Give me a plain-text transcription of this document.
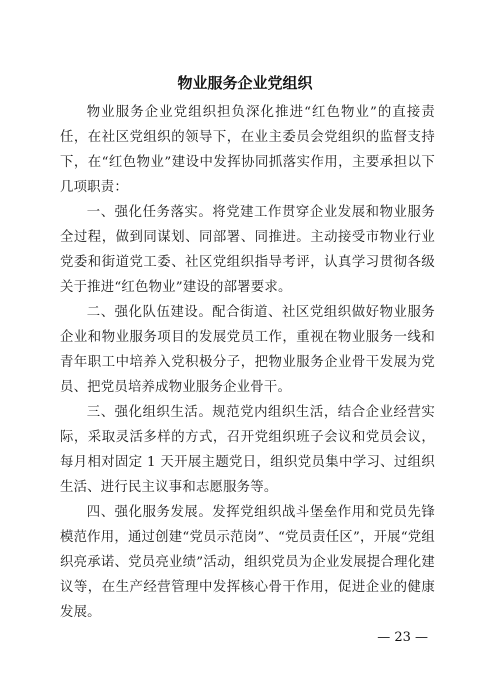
物业服务企业党组织

物业服务企业党组织担负深化推进“红色物业”的直接责任，在社区党组织的领导下，在业主委员会党组织的监督支持下，在“红色物业”建设中发挥协同抓落实作用，主要承担以下几项职责：

一、强化任务落实。将党建工作贯穿企业发展和物业服务全过程，做到同谋划、同部署、同推进。主动接受市物业行业党委和街道党工委、社区党组织指导考评，认真学习贯彻各级关于推进“红色物业”建设的部署要求。

二、强化队伍建设。配合街道、社区党组织做好物业服务企业和物业服务项目的发展党员工作，重视在物业服务一线和青年职工中培养入党积极分子，把物业服务企业骨干发展为党员、把党员培养成物业服务企业骨干。

三、强化组织生活。规范党内组织生活，结合企业经营实际，采取灵活多样的方式，召开党组织班子会议和党员会议，每月相对固定 1 天开展主题党日，组织党员集中学习、过组织生活、进行民主议事和志愿服务等。

四、强化服务发展。发挥党组织战斗堡垒作用和党员先锋模范作用，通过创建“党员示范岗”、“党员责任区”，开展“党组织亮承诺、党员亮业绩”活动，组织党员为企业发展提合理化建议等，在生产经营管理中发挥核心骨干作用，促进企业的健康发展。

— 23 —
